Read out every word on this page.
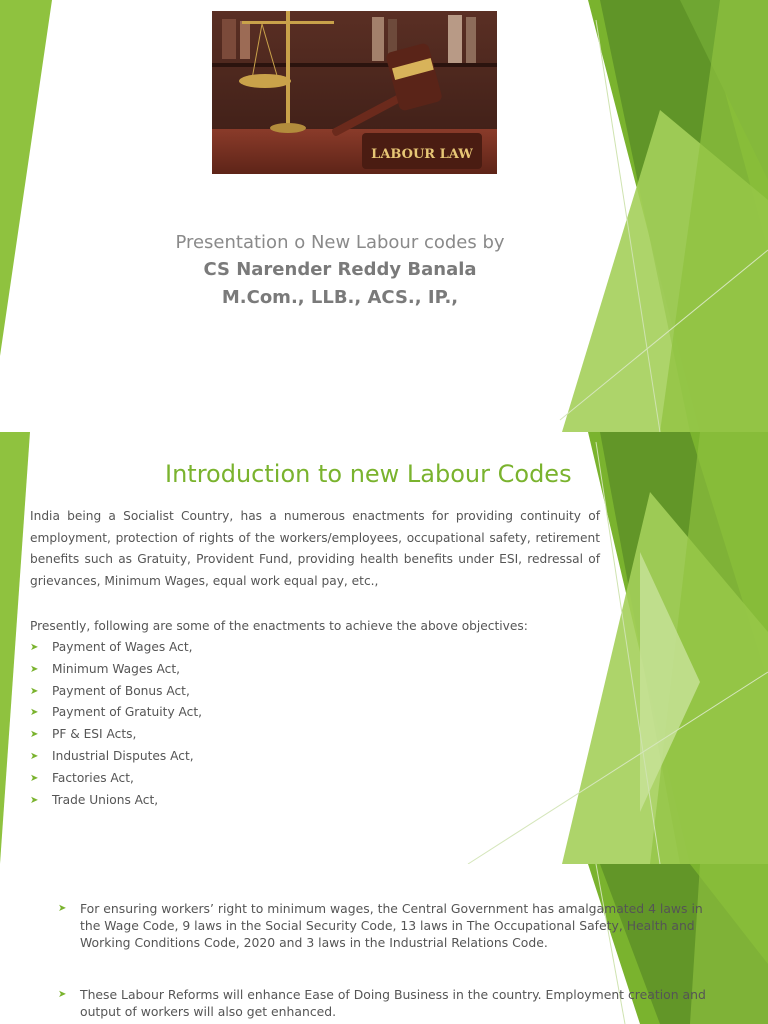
LABOUR LAW
Presentation o New Labour codes by
CS Narender Reddy Banala
M.Com., LLB., ACS., IP.,
Introduction to new Labour Codes
India being a Socialist Country, has a numerous enactments for providing continuity of employment, protection of rights of the workers/employees, occupational safety, retirement benefits such as Gratuity, Provident Fund, providing health benefits under ESI, redressal of grievances, Minimum Wages, equal work equal pay, etc.,
Presently, following are some of the enactments to achieve the above objectives:
➤ Payment of Wages Act,
➤ Minimum Wages Act,
➤ Payment of Bonus Act,
➤ Payment of Gratuity Act,
➤ PF & ESI Acts,
➤ Industrial Disputes Act,
➤ Factories Act,
➤ Trade Unions Act,
➤ For ensuring workers’ right to minimum wages, the Central Government has amalgamated 4 laws in the Wage Code, 9 laws in the Social Security Code, 13 laws in The Occupational Safety, Health and Working Conditions Code, 2020 and 3 laws in the Industrial Relations Code.
➤ These Labour Reforms will enhance Ease of Doing Business in the country. Employment creation and output of workers will also get enhanced.
